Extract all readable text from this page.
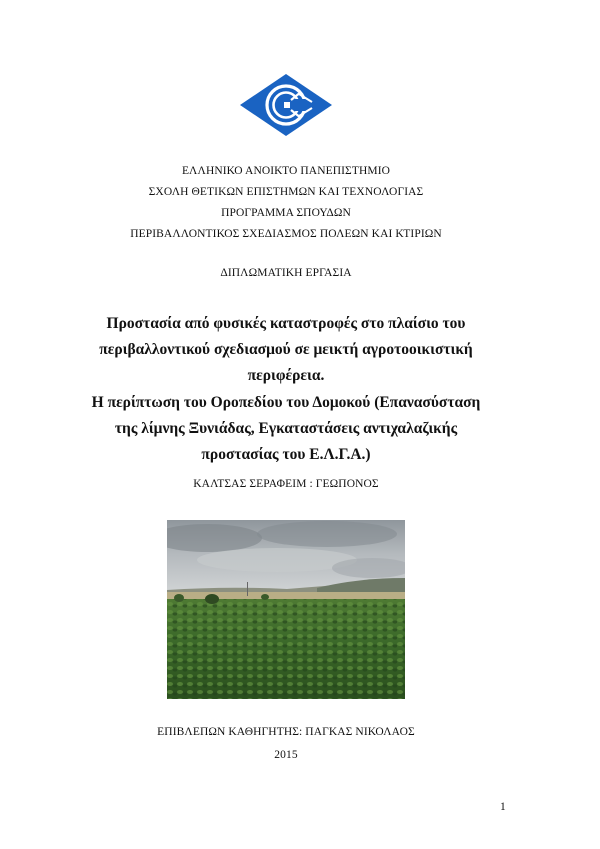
ΕΛΛΗΝΙΚΟ ΑΝΟΙΚΤΟ ΠΑΝΕΠΙΣΤΗΜΙΟ
ΣΧΟΛΗ ΘΕΤΙΚΩΝ ΕΠΙΣΤΗΜΩΝ ΚΑΙ ΤΕΧΝΟΛΟΓΙΑΣ
ΠΡΟΓΡΑΜΜΑ ΣΠΟΥΔΩΝ
ΠΕΡΙΒΑΛΛΟΝΤΙΚΟΣ ΣΧΕΔΙΑΣΜΟΣ ΠΟΛΕΩΝ ΚΑΙ ΚΤΙΡΙΩΝ
ΔΙΠΛΩΜΑΤΙΚΗ ΕΡΓΑΣΙΑ
Προστασία από φυσικές καταστροφές στο πλαίσιο του
περιβαλλοντικού σχεδιασμού σε μεικτή αγροτοοικιστική
περιφέρεια.
Η περίπτωση του Οροπεδίου του Δομοκού (Επανασύσταση
της λίμνης Ξυνιάδας, Εγκαταστάσεις αντιχαλαζικής
προστασίας του Ε.Λ.Γ.Α.)
ΚΑΛΤΣΑΣ ΣΕΡΑΦΕΙΜ : ΓΕΩΠΟΝΟΣ
ΕΠΙΒΛΕΠΩΝ ΚΑΘΗΓΗΤΗΣ: ΠΑΓΚΑΣ ΝΙΚΟΛΑΟΣ
2015
1
